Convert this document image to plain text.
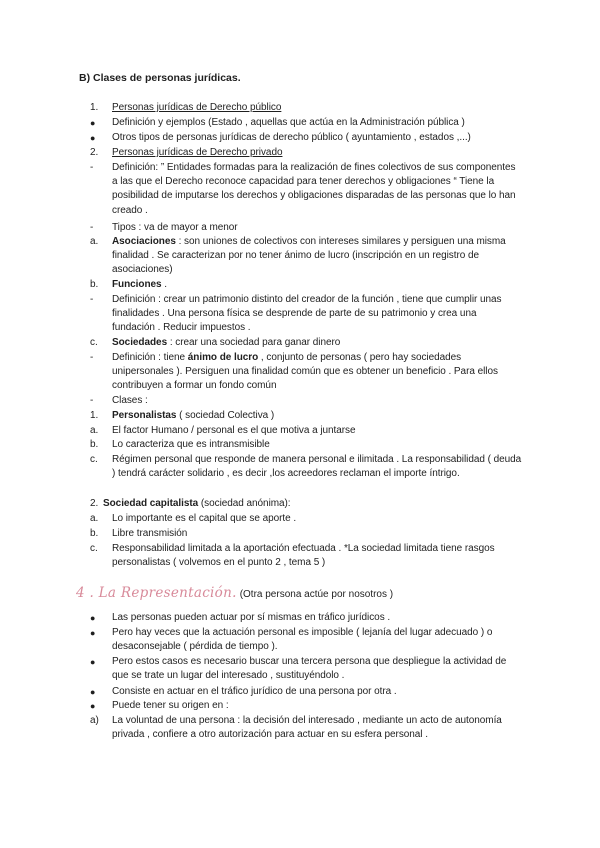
B) Clases de personas jurídicas.
1.	Personas jurídicas de Derecho público
●	Definición y ejemplos (Estado , aquellas que actúa en la Administración pública )
●	Otros tipos de personas jurídicas de derecho público ( ayuntamiento , estados ,...)
2.	Personas jurídicas de Derecho privado
-	Definición: ” Entidades formadas para la realización de fines colectivos de sus componentes a las que el Derecho reconoce capacidad para tener derechos y obligaciones “ Tiene la posibilidad de imputarse los derechos y obligaciones disparadas de las personas que lo han creado .
-	Tipos : va de mayor a menor
a.	Asociaciones : son uniones de colectivos con intereses similares y persiguen una misma finalidad . Se caracterizan por no tener ánimo de lucro (inscripción en un registro de asociaciones)
b.	Funciones .
-	Definición : crear un patrimonio distinto del creador de la función , tiene que cumplir unas finalidades . Una persona física se desprende de parte de su patrimonio y crea una fundación . Reducir impuestos .
c.	Sociedades : crear una sociedad para ganar dinero
-	Definición : tiene ánimo de lucro , conjunto de personas ( pero hay sociedades unipersonales ). Persiguen una finalidad común que es obtener un beneficio . Para ellos contribuyen a formar un fondo común
-	Clases :
1.	Personalistas ( sociedad Colectiva )
a.	El factor Humano / personal es el que motiva a juntarse
b.	Lo caracteriza que es intransmisible
c.	Régimen personal que responde de manera personal e ilimitada . La responsabilidad ( deuda ) tendrá carácter solidario , es decir ,los acreedores reclaman el importe íntrigo.
2. Sociedad capitalista (sociedad anónima):
a.	Lo importante es el capital que se aporte .
b.	Libre transmisión
c.	Responsabilidad limitada a la aportación efectuada . *La sociedad limitada tiene rasgos personalistas ( volvemos en el punto 2 , tema 5 )
4 . La Representación. (Otra persona actúe por nosotros )
●	Las personas pueden actuar por sí mismas en tráfico jurídicos .
●	Pero hay veces que la actuación personal es imposible ( lejanía del lugar adecuado ) o desaconsejable ( pérdida de tiempo ).
●	Pero estos casos es necesario buscar una tercera persona que despliegue la actividad de que se trate un lugar del interesado , sustituyéndolo .
●	Consiste en actuar en el tráfico jurídico de una persona por otra .
●	Puede tener su origen en :
a)	La voluntad de una persona : la decisión del interesado , mediante un acto de autonomía privada , confiere a otro autorización para actuar en su esfera personal .
